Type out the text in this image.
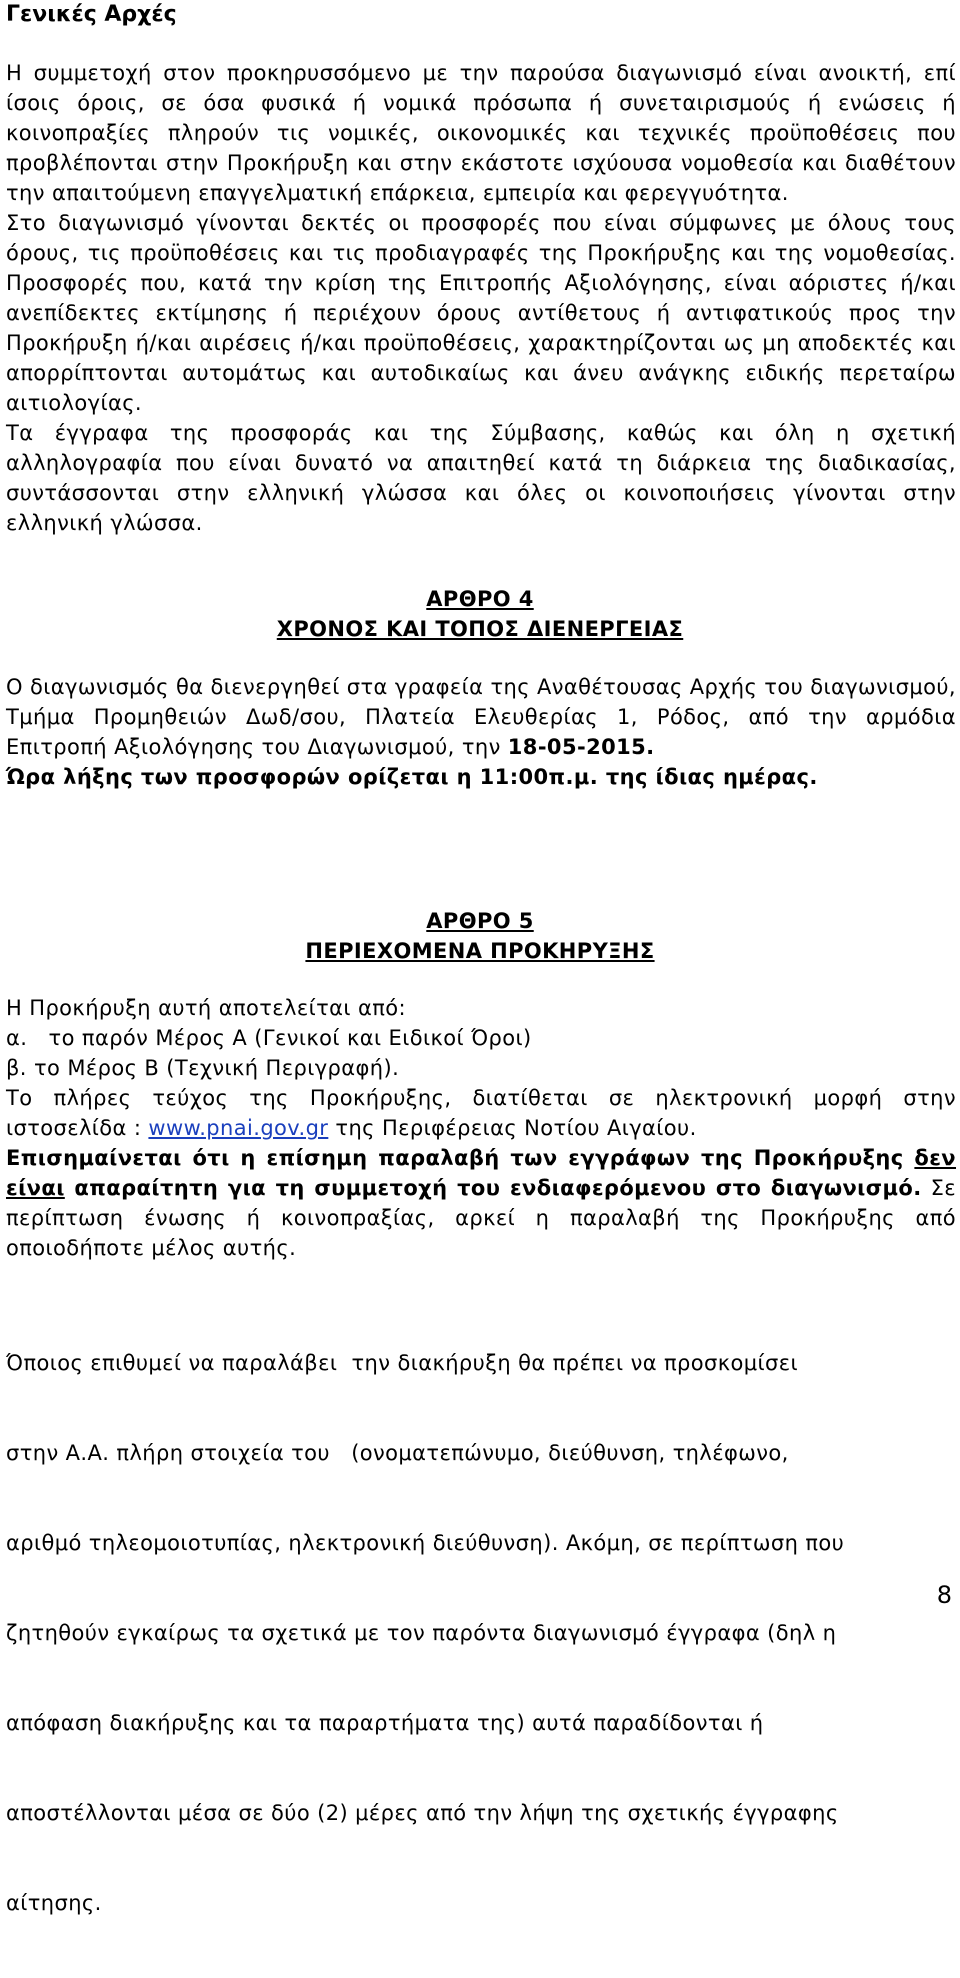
Γενικές Αρχές

Η συμμετοχή στον προκηρυσσόμενο με την παρούσα διαγωνισμό είναι ανοικτή, επί ίσοις όροις, σε όσα φυσικά ή νομικά πρόσωπα ή συνεταιρισμούς ή ενώσεις ή κοινοπραξίες πληρούν τις νομικές, οικονομικές και τεχνικές προϋποθέσεις που προβλέπονται στην Προκήρυξη και στην εκάστοτε ισχύουσα νομοθεσία και διαθέτουν την απαιτούμενη επαγγελματική επάρκεια, εμπειρία και φερεγγυότητα.

Στο διαγωνισμό γίνονται δεκτές οι προσφορές που είναι σύμφωνες με όλους τους όρους, τις προϋποθέσεις και τις προδιαγραφές της Προκήρυξης και της νομοθεσίας. Προσφορές που, κατά την κρίση της Επιτροπής Αξιολόγησης, είναι αόριστες ή/και ανεπίδεκτες εκτίμησης ή περιέχουν όρους αντίθετους ή αντιφατικούς προς την Προκήρυξη ή/και αιρέσεις ή/και προϋποθέσεις, χαρακτηρίζονται ως μη αποδεκτές και απορρίπτονται αυτομάτως και αυτοδικαίως και άνευ ανάγκης ειδικής περεταίρω αιτιολογίας.

Τα έγγραφα της προσφοράς και της Σύμβασης, καθώς και όλη η σχετική αλληλογραφία που είναι δυνατό να απαιτηθεί κατά τη διάρκεια της διαδικασίας, συντάσσονται στην ελληνική γλώσσα και όλες οι κοινοποιήσεις γίνονται στην ελληνική γλώσσα.

ΑΡΘΡΟ 4
ΧΡΟΝΟΣ ΚΑΙ ΤΟΠΟΣ ΔΙΕΝΕΡΓΕΙΑΣ

Ο διαγωνισμός θα διενεργηθεί στα γραφεία της Αναθέτουσας Αρχής του διαγωνισμού, Τμήμα Προμηθειών Δωδ/σου, Πλατεία Ελευθερίας 1, Ρόδος, από την αρμόδια Επιτροπή Αξιολόγησης του Διαγωνισμού, την 18-05-2015.

Ώρα λήξης των προσφορών ορίζεται η 11:00π.μ. της ίδιας ημέρας.

ΑΡΘΡΟ 5
ΠΕΡΙΕΧΟΜΕΝΑ ΠΡΟΚΗΡΥΞΗΣ

Η Προκήρυξη αυτή αποτελείται από:

α.   το παρόν Μέρος Α (Γενικοί και Ειδικοί Όροι)

β. το Μέρος Β (Τεχνική Περιγραφή).

Το πλήρες τεύχος της Προκήρυξης, διατίθεται σε ηλεκτρονική μορφή στην ιστοσελίδα : www.pnai.gov.gr της Περιφέρειας Νοτίου Αιγαίου.

Επισημαίνεται ότι η επίσημη παραλαβή των εγγράφων της Προκήρυξης δεν είναι απαραίτητη για τη συμμετοχή του ενδιαφερόμενου στο διαγωνισμό. Σε περίπτωση ένωσης ή κοινοπραξίας, αρκεί η παραλαβή της Προκήρυξης από οποιοδήποτε μέλος αυτής.

Όποιος επιθυμεί να παραλάβει  την διακήρυξη θα πρέπει να προσκομίσει

στην Α.Α. πλήρη στοιχεία του   (ονοματεπώνυμο, διεύθυνση, τηλέφωνο,

αριθμό τηλεομοιοτυπίας, ηλεκτρονική διεύθυνση). Ακόμη, σε περίπτωση που

ζητηθούν εγκαίρως τα σχετικά με τον παρόντα διαγωνισμό έγγραφα (δηλ η

απόφαση διακήρυξης και τα παραρτήματα της) αυτά παραδίδονται ή

αποστέλλονται μέσα σε δύο (2) μέρες από την λήψη της σχετικής έγγραφης

αίτησης.

8
